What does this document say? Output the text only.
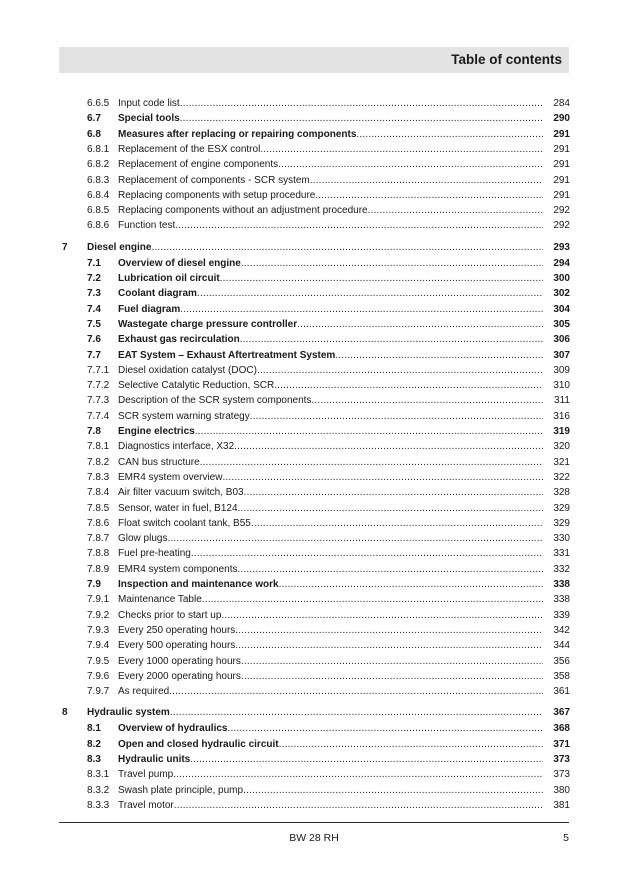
Table of contents
6.6.5 Input code list .....	284
6.7 Special tools .....	290
6.8 Measures after replacing or repairing components .....	291
6.8.1 Replacement of the ESX control .....	291
6.8.2 Replacement of engine components .....	291
6.8.3 Replacement of components - SCR system .....	291
6.8.4 Replacing components with setup procedure .....	291
6.8.5 Replacing components without an adjustment procedure .....	292
6.8.6 Function test .....	292
7 Diesel engine .....	293
7.1 Overview of diesel engine .....	294
7.2 Lubrication oil circuit .....	300
7.3 Coolant diagram .....	302
7.4 Fuel diagram .....	304
7.5 Wastegate charge pressure controller .....	305
7.6 Exhaust gas recirculation .....	306
7.7 EAT System – Exhaust Aftertreatment System .....	307
7.7.1 Diesel oxidation catalyst (DOC) .....	309
7.7.2 Selective Catalytic Reduction, SCR .....	310
7.7.3 Description of the SCR system components .....	311
7.7.4 SCR system warning strategy .....	316
7.8 Engine electrics .....	319
7.8.1 Diagnostics interface, X32 .....	320
7.8.2 CAN bus structure .....	321
7.8.3 EMR4 system overview .....	322
7.8.4 Air filter vacuum switch, B03 .....	328
7.8.5 Sensor, water in fuel, B124 .....	329
7.8.6 Float switch coolant tank, B55 .....	329
7.8.7 Glow plugs .....	330
7.8.8 Fuel pre-heating .....	331
7.8.9 EMR4 system components .....	332
7.9 Inspection and maintenance work .....	338
7.9.1 Maintenance Table .....	338
7.9.2 Checks prior to start up .....	339
7.9.3 Every 250 operating hours .....	342
7.9.4 Every 500 operating hours .....	344
7.9.5 Every 1000 operating hours .....	356
7.9.6 Every 2000 operating hours .....	358
7.9.7 As required .....	361
8 Hydraulic system .....	367
8.1 Overview of hydraulics .....	368
8.2 Open and closed hydraulic circuit .....	371
8.3 Hydraulic units .....	373
8.3.1 Travel pump .....	373
8.3.2 Swash plate principle, pump .....	380
8.3.3 Travel motor .....	381
BW 28 RH	5
